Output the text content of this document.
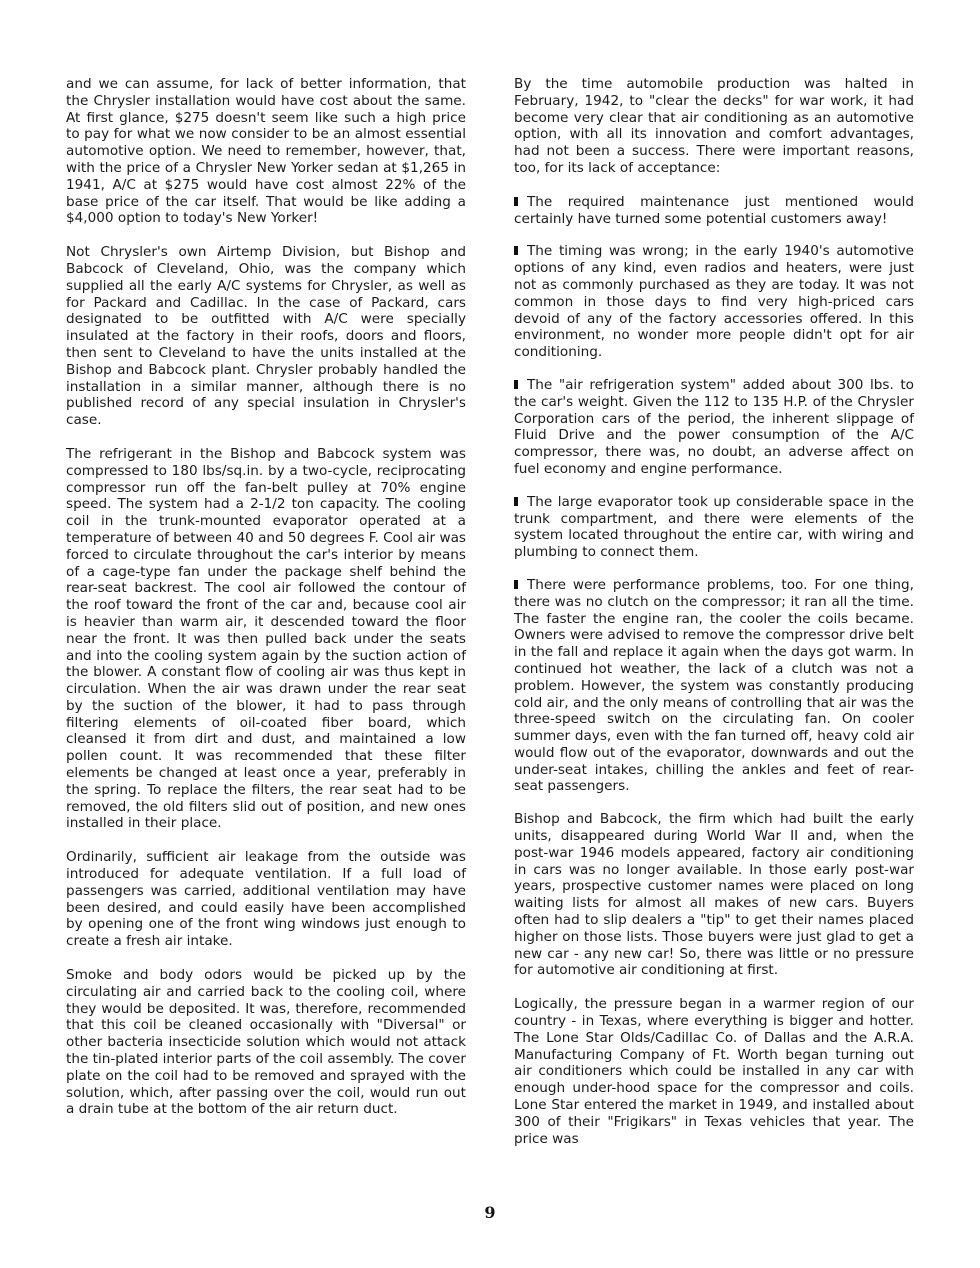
and we can assume, for lack of better information, that the Chrysler installation would have cost about the same. At first glance, $275 doesn't seem like such a high price to pay for what we now consider to be an almost essential automotive option. We need to remember, however, that, with the price of a Chrysler New Yorker sedan at $1,265 in 1941, A/C at $275 would have cost almost 22% of the base price of the car itself. That would be like adding a $4,000 option to today's New Yorker!

Not Chrysler's own Airtemp Division, but Bishop and Babcock of Cleveland, Ohio, was the company which supplied all the early A/C systems for Chrysler, as well as for Packard and Cadillac. In the case of Packard, cars designated to be outfitted with A/C were specially insulated at the factory in their roofs, doors and floors, then sent to Cleveland to have the units installed at the Bishop and Babcock plant. Chrysler probably handled the installation in a similar manner, although there is no published record of any special insulation in Chrysler's case.

The refrigerant in the Bishop and Babcock system was compressed to 180 lbs/sq.in. by a two-cycle, reciprocating compressor run off the fan-belt pulley at 70% engine speed. The system had a 2-1/2 ton capacity. The cooling coil in the trunk-mounted evaporator operated at a temperature of between 40 and 50 degrees F. Cool air was forced to circulate throughout the car's interior by means of a cage-type fan under the package shelf behind the rear-seat backrest. The cool air followed the contour of the roof toward the front of the car and, because cool air is heavier than warm air, it descended toward the floor near the front. It was then pulled back under the seats and into the cooling system again by the suction action of the blower. A constant flow of cooling air was thus kept in circulation. When the air was drawn under the rear seat by the suction of the blower, it had to pass through filtering elements of oil-coated fiber board, which cleansed it from dirt and dust, and maintained a low pollen count. It was recommended that these filter elements be changed at least once a year, preferably in the spring. To replace the filters, the rear seat had to be removed, the old filters slid out of position, and new ones installed in their place.

Ordinarily, sufficient air leakage from the outside was introduced for adequate ventilation. If a full load of passengers was carried, additional ventilation may have been desired, and could easily have been accomplished by opening one of the front wing windows just enough to create a fresh air intake.

Smoke and body odors would be picked up by the circulating air and carried back to the cooling coil, where they would be deposited. It was, therefore, recommended that this coil be cleaned occasionally with "Diversal" or other bacteria insecticide solution which would not attack the tin-plated interior parts of the coil assembly. The cover plate on the coil had to be removed and sprayed with the solution, which, after passing over the coil, would run out a drain tube at the bottom of the air return duct.

By the time automobile production was halted in February, 1942, to "clear the decks" for war work, it had become very clear that air conditioning as an automotive option, with all its innovation and comfort advantages, had not been a success. There were important reasons, too, for its lack of acceptance:

The required maintenance just mentioned would certainly have turned some potential customers away!

The timing was wrong; in the early 1940's automotive options of any kind, even radios and heaters, were just not as commonly purchased as they are today. It was not common in those days to find very high-priced cars devoid of any of the factory accessories offered. In this environment, no wonder more people didn't opt for air conditioning.

The "air refrigeration system" added about 300 lbs. to the car's weight. Given the 112 to 135 H.P. of the Chrysler Corporation cars of the period, the inherent slippage of Fluid Drive and the power consumption of the A/C compressor, there was, no doubt, an adverse affect on fuel economy and engine performance.

The large evaporator took up considerable space in the trunk compartment, and there were elements of the system located throughout the entire car, with wiring and plumbing to connect them.

There were performance problems, too. For one thing, there was no clutch on the compressor; it ran all the time. The faster the engine ran, the cooler the coils became. Owners were advised to remove the compressor drive belt in the fall and replace it again when the days got warm. In continued hot weather, the lack of a clutch was not a problem. However, the system was constantly producing cold air, and the only means of controlling that air was the three-speed switch on the circulating fan. On cooler summer days, even with the fan turned off, heavy cold air would flow out of the evaporator, downwards and out the under-seat intakes, chilling the ankles and feet of rear-seat passengers.

Bishop and Babcock, the firm which had built the early units, disappeared during World War II and, when the post-war 1946 models appeared, factory air conditioning in cars was no longer available. In those early post-war years, prospective customer names were placed on long waiting lists for almost all makes of new cars. Buyers often had to slip dealers a "tip" to get their names placed higher on those lists. Those buyers were just glad to get a new car - any new car! So, there was little or no pressure for automotive air conditioning at first.

Logically, the pressure began in a warmer region of our country - in Texas, where everything is bigger and hotter. The Lone Star Olds/Cadillac Co. of Dallas and the A.R.A. Manufacturing Company of Ft. Worth began turning out air conditioners which could be installed in any car with enough under-hood space for the compressor and coils. Lone Star entered the market in 1949, and installed about 300 of their "Frigikars" in Texas vehicles that year. The price was

9
